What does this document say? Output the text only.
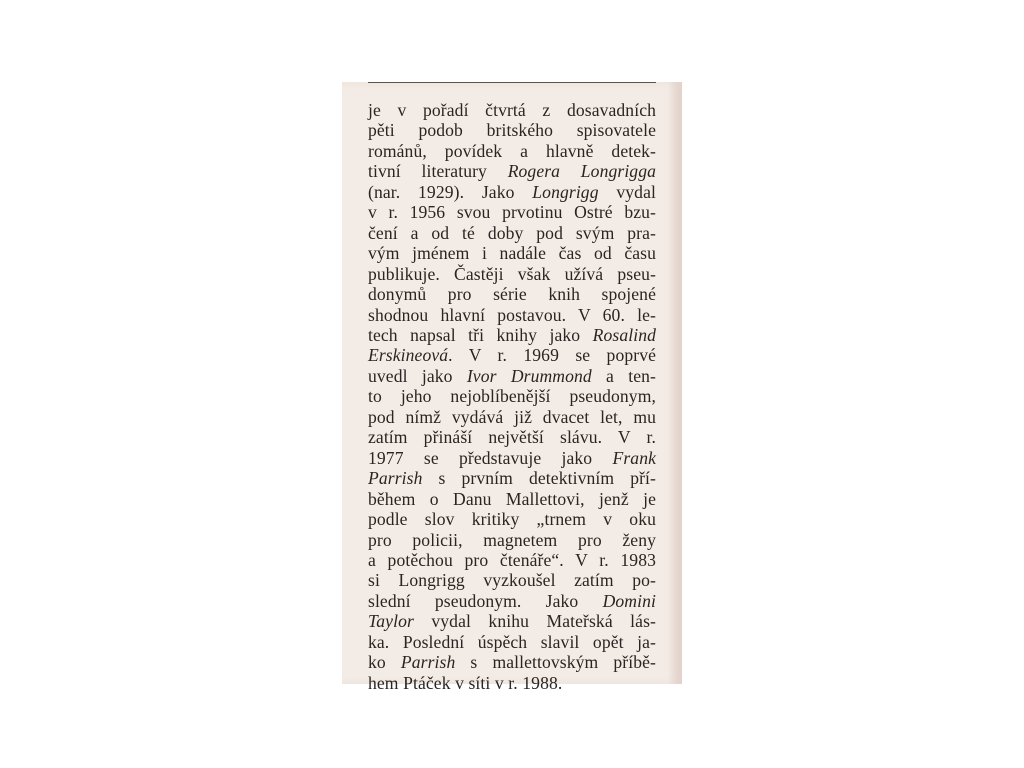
je v pořadí čtvrtá z dosavadních
pěti podob britského spisovatele
románů, povídek a hlavně detek-
tivní literatury Rogera Longrigga
(nar. 1929). Jako Longrigg vydal
v r. 1956 svou prvotinu Ostré bzu-
čení a od té doby pod svým pra-
vým jménem i nadále čas od času
publikuje. Častěji však užívá pseu-
donymů pro série knih spojené
shodnou hlavní postavou. V 60. le-
tech napsal tři knihy jako Rosalind
Erskineová. V r. 1969 se poprvé
uvedl jako Ivor Drummond a ten-
to jeho nejoblíbenější pseudonym,
pod nímž vydává již dvacet let, mu
zatím přináší největší slávu. V r.
1977 se představuje jako Frank
Parrish s prvním detektivním pří-
během o Danu Mallettovi, jenž je
podle slov kritiky „trnem v oku
pro policii, magnetem pro ženy
a potěchou pro čtenáře“. V r. 1983
si Longrigg vyzkoušel zatím po-
slední pseudonym. Jako Domini
Taylor vydal knihu Mateřská lás-
ka. Poslední úspěch slavil opět ja-
ko Parrish s mallettovským příbě-
hem Ptáček v síti v r. 1988.
